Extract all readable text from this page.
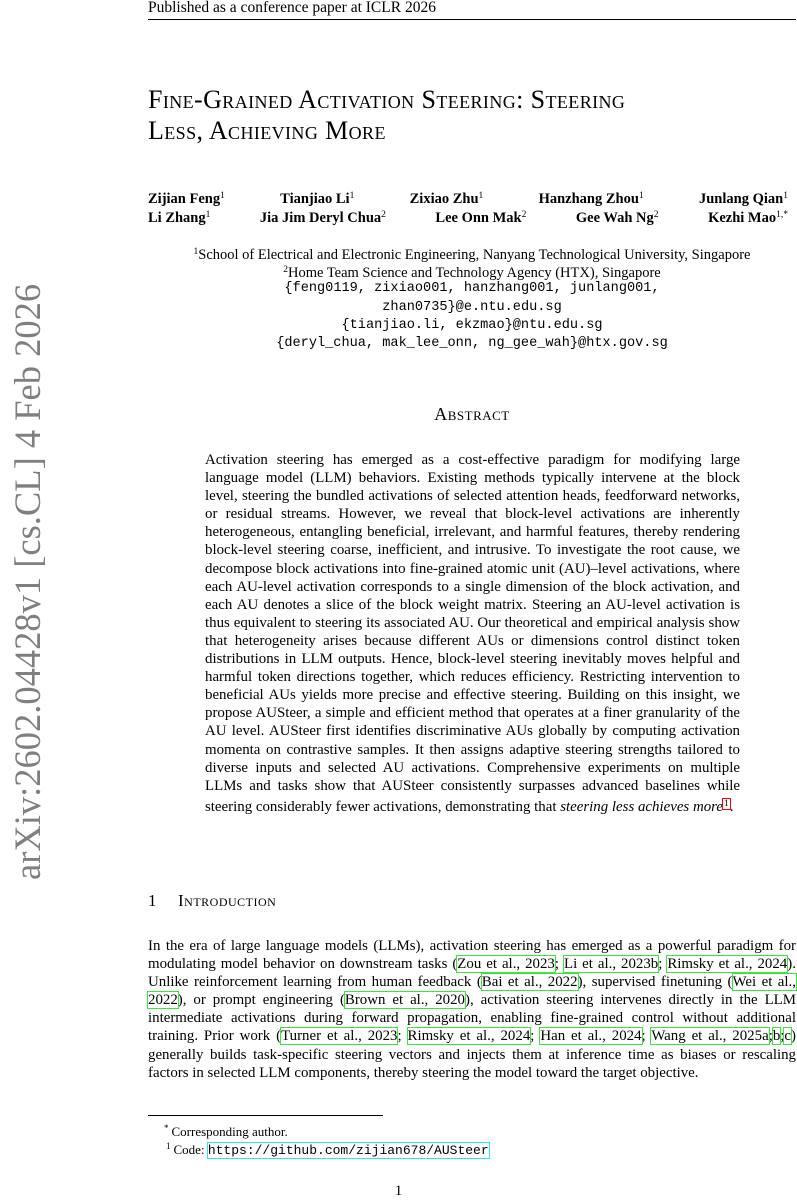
Published as a conference paper at ICLR 2026
arXiv:2602.04428v1 [cs.CL] 4 Feb 2026
Fine-Grained Activation Steering: Steering
Less, Achieving More
Zijian Feng$^1$	Tianjiao Li$^1$	Zixiao Zhu$^1$	Hanzhang Zhou$^1$	Junlang Qian$^1$
Li Zhang$^1$	Jia Jim Deryl Chua$^2$	Lee Onn Mak$^2$	Gee Wah Ng$^2$	Kezhi Mao$^{1,*}$
$^1$School of Electrical and Electronic Engineering, Nanyang Technological University, Singapore
$^2$Home Team Science and Technology Agency (HTX), Singapore
{feng0119, zixiao001, hanzhang001, junlang001,
zhan0735}@e.ntu.edu.sg
{tianjiao.li, ekzmao}@ntu.edu.sg
{deryl_chua, mak_lee_onn, ng_gee_wah}@htx.gov.sg
Abstract
Activation steering has emerged as a cost-effective paradigm for modifying large language model (LLM) behaviors. Existing methods typically intervene at the block level, steering the bundled activations of selected attention heads, feedforward networks, or residual streams. However, we reveal that block-level activations are inherently heterogeneous, entangling beneficial, irrelevant, and harmful features, thereby rendering block-level steering coarse, inefficient, and intrusive. To investigate the root cause, we decompose block activations into fine-grained atomic unit (AU)–level activations, where each AU-level activation corresponds to a single dimension of the block activation, and each AU denotes a slice of the block weight matrix. Steering an AU-level activation is thus equivalent to steering its associated AU. Our theoretical and empirical analysis show that heterogeneity arises because different AUs or dimensions control distinct token distributions in LLM outputs. Hence, block-level steering inevitably moves helpful and harmful token directions together, which reduces efficiency. Restricting intervention to beneficial AUs yields more precise and effective steering. Building on this insight, we propose AUSteer, a simple and efficient method that operates at a finer granularity of the AU level. AUSteer first identifies discriminative AUs globally by computing activation momenta on contrastive samples. It then assigns adaptive steering strengths tailored to diverse inputs and selected AU activations. Comprehensive experiments on multiple LLMs and tasks show that AUSteer consistently surpasses advanced baselines while steering considerably fewer activations, demonstrating that steering less achieves more$^1$.
1 Introduction
In the era of large language models (LLMs), activation steering has emerged as a powerful paradigm for modulating model behavior on downstream tasks (Zou et al., 2023; Li et al., 2023b; Rimsky et al., 2024). Unlike reinforcement learning from human feedback (Bai et al., 2022), supervised finetuning (Wei et al., 2022), or prompt engineering (Brown et al., 2020), activation steering intervenes directly in the LLM intermediate activations during forward propagation, enabling fine-grained control without additional training. Prior work (Turner et al., 2023; Rimsky et al., 2024; Han et al., 2024; Wang et al., 2025a;b;c) generally builds task-specific steering vectors and injects them at inference time as biases or rescaling factors in selected LLM components, thereby steering the model toward the target objective.
* Corresponding author.
$^1$ Code: https://github.com/zijian678/AUSteer
1
